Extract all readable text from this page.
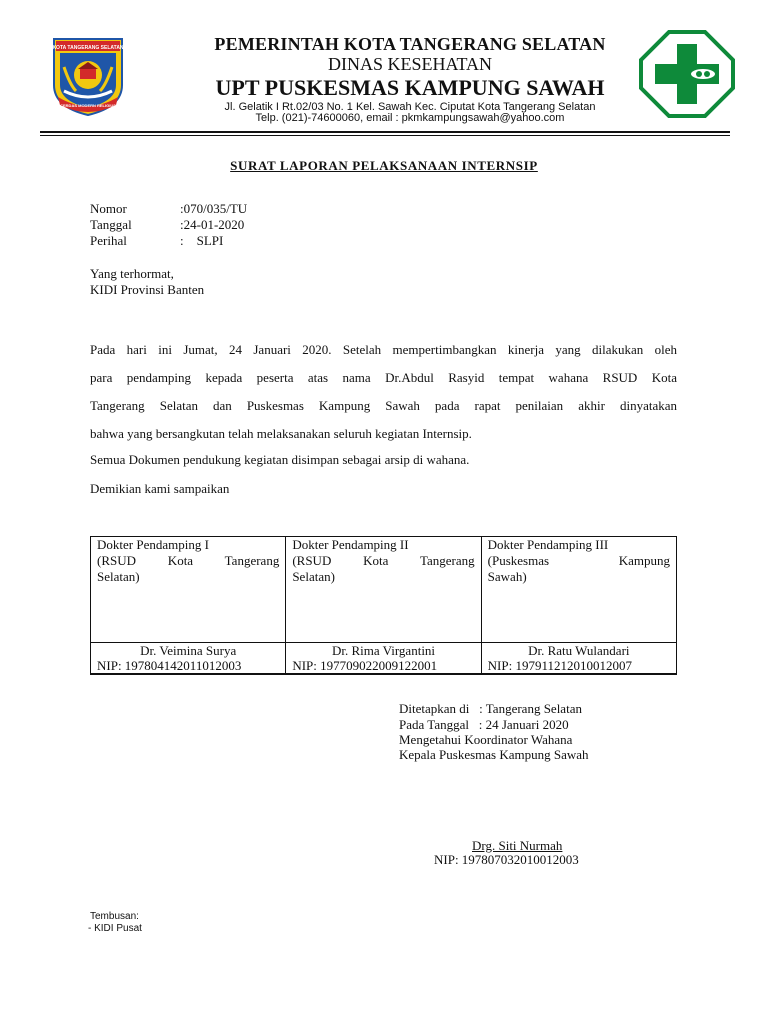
KOTA TANGERANG SELATAN
CERDAS MODERN RELIGIUS
PEMERINTAH KOTA TANGERANG SELATAN
DINAS KESEHATAN
UPT PUSKESMAS KAMPUNG SAWAH
Jl. Gelatik I Rt.02/03 No. 1 Kel. Sawah Kec. Ciputat Kota Tangerang Selatan
Telp. (021)-74600060, email : pkmkampungsawah@yahoo.com
SURAT LAPORAN PELAKSANAAN INTERNSIP
Nomor	:070/035/TU
Tanggal	:24-01-2020
Perihal	:    SLPI
Yang terhormat,
KIDI Provinsi Banten
Pada hari ini Jumat, 24 Januari 2020. Setelah mempertimbangkan kinerja yang dilakukan oleh
para pendamping kepada peserta atas nama Dr.Abdul Rasyid tempat wahana RSUD Kota
Tangerang Selatan dan Puskesmas Kampung Sawah pada rapat penilaian akhir dinyatakan
bahwa yang bersangkutan telah melaksanakan seluruh kegiatan Internsip.
Semua Dokumen pendukung kegiatan disimpan sebagai arsip di wahana.
Demikian kami sampaikan
Dokter Pendamping I
(RSUD Kota Tangerang
Selatan)	Dokter Pendamping II
(RSUD Kota Tangerang
Selatan)	Dokter Pendamping III
(Puskesmas Kampung
Sawah)

Dr. Veimina Surya
NIP: 197804142011012003	Dr. Rima Virgantini
NIP: 197709022009122001	Dr. Ratu Wulandari
NIP: 197911212010012007
Ditetapkan di   : Tangerang Selatan
Pada Tanggal   : 24 Januari 2020
Mengetahui Koordinator Wahana
Kepala Puskesmas Kampung Sawah
Drg. Siti Nurmah
NIP: 197807032010012003
Tembusan:
- KIDI Pusat
